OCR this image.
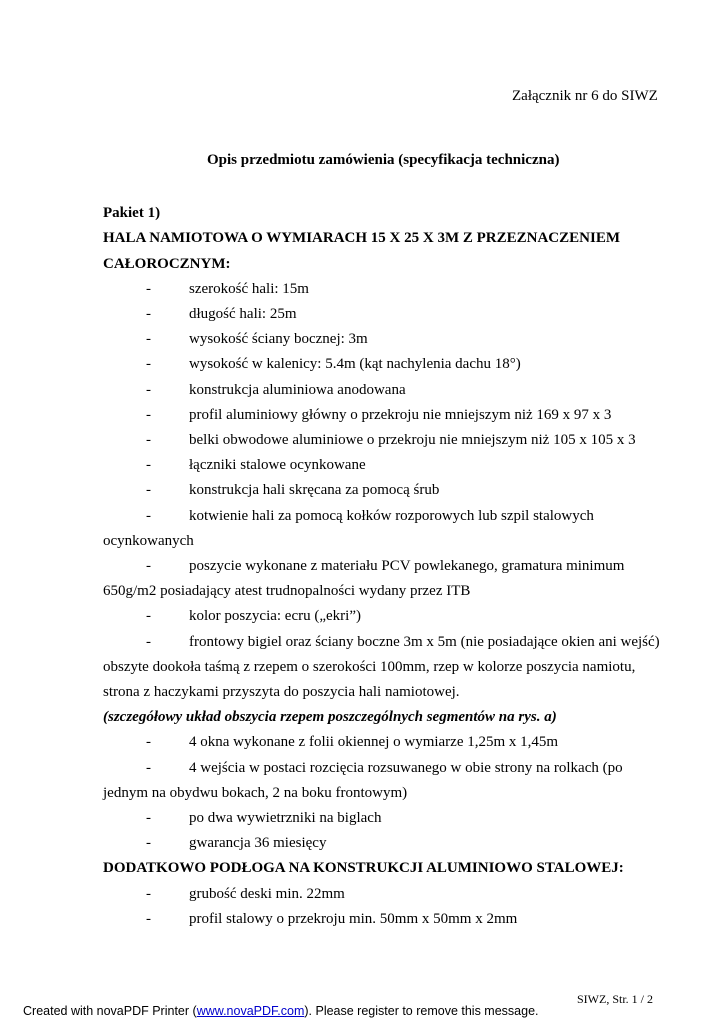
Załącznik nr 6 do SIWZ
Opis przedmiotu zamówienia (specyfikacja techniczna)
Pakiet 1)
HALA NAMIOTOWA O WYMIARACH 15 X 25 X 3M Z PRZEZNACZENIEM
CAŁOROCZNYM:
-	szerokość hali: 15m
-	długość hali: 25m
-	wysokość ściany bocznej: 3m
-	wysokość w kalenicy: 5.4m (kąt nachylenia dachu 18°)
-	konstrukcja aluminiowa anodowana
-	profil aluminiowy główny o przekroju nie mniejszym niż 169 x 97 x 3
-	belki obwodowe aluminiowe o przekroju nie mniejszym niż 105 x 105 x 3
-	łączniki stalowe ocynkowane
-	konstrukcja hali skręcana za pomocą śrub
-	kotwienie hali za pomocą kołków rozporowych lub szpil stalowych
ocynkowanych
-	poszycie wykonane z materiału PCV powlekanego, gramatura minimum
650g/m2 posiadający atest trudnopalności wydany przez ITB
-	kolor poszycia: ecru („ekri”)
-	frontowy bigiel oraz ściany boczne 3m x 5m (nie posiadające okien ani wejść)
obszyte dookoła taśmą z rzepem o szerokości 100mm, rzep w kolorze poszycia namiotu,
strona z haczykami przyszyta do poszycia hali namiotowej.
(szczegółowy układ obszycia rzepem poszczególnych segmentów na rys. a)
-	4 okna wykonane z folii okiennej o wymiarze 1,25m x 1,45m
-	4 wejścia w postaci rozcięcia rozsuwanego w obie strony na rolkach (po
jednym na obydwu bokach, 2 na boku frontowym)
-	po dwa wywietrzniki na biglach
-	gwarancja 36 miesięcy
DODATKOWO PODŁOGA NA KONSTRUKCJI ALUMINIOWO STALOWEJ:
-	grubość deski min. 22mm
-	profil stalowy o przekroju min. 50mm x 50mm x 2mm
SIWZ, Str. 1 / 2
Created with novaPDF Printer (www.novaPDF.com). Please register to remove this message.
